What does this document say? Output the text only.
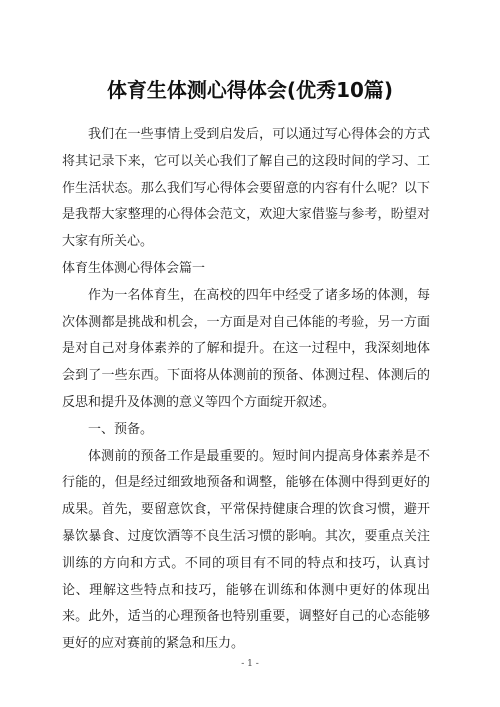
体育生体测心得体会(优秀10篇)

我们在一些事情上受到启发后，可以通过写心得体会的方式将其记录下来，它可以关心我们了解自己的这段时间的学习、工作生活状态。那么我们写心得体会要留意的内容有什么呢？以下是我帮大家整理的心得体会范文，欢迎大家借鉴与参考，盼望对大家有所关心。

体育生体测心得体会篇一

作为一名体育生，在高校的四年中经受了诸多场的体测，每次体测都是挑战和机会，一方面是对自己体能的考验，另一方面是对自己对身体素养的了解和提升。在这一过程中，我深刻地体会到了一些东西。下面将从体测前的预备、体测过程、体测后的反思和提升及体测的意义等四个方面绽开叙述。

一、预备。

体测前的预备工作是最重要的。短时间内提高身体素养是不行能的，但是经过细致地预备和调整，能够在体测中得到更好的成果。首先，要留意饮食，平常保持健康合理的饮食习惯，避开暴饮暴食、过度饮酒等不良生活习惯的影响。其次，要重点关注训练的方向和方式。不同的项目有不同的特点和技巧，认真讨论、理解这些特点和技巧，能够在训练和体测中更好的体现出来。此外，适当的心理预备也特别重要，调整好自己的心态能够更好的应对赛前的紧急和压力。

- 1 -
